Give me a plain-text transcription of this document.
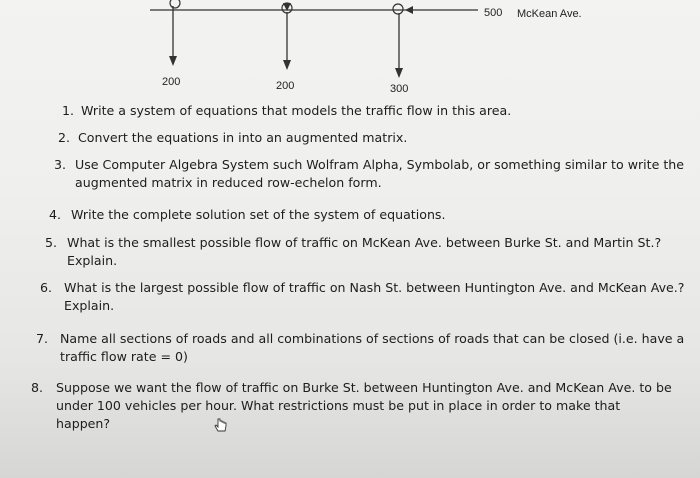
500 McKean Ave.
200	200	300
1. Write a system of equations that models the traffic flow in this area.
2. Convert the equations in into an augmented matrix.
3. Use Computer Algebra System such Wolfram Alpha, Symbolab, or something similar to write the
augmented matrix in reduced row-echelon form.
4. Write the complete solution set of the system of equations.
5. What is the smallest possible flow of traffic on McKean Ave. between Burke St. and Martin St.?
Explain.
6. What is the largest possible flow of traffic on Nash St. between Huntington Ave. and McKean Ave.?
Explain.
7. Name all sections of roads and all combinations of sections of roads that can be closed (i.e. have a
traffic flow rate = 0)
8. Suppose we want the flow of traffic on Burke St. between Huntington Ave. and McKean Ave. to be
under 100 vehicles per hour. What restrictions must be put in place in order to make that
happen?
